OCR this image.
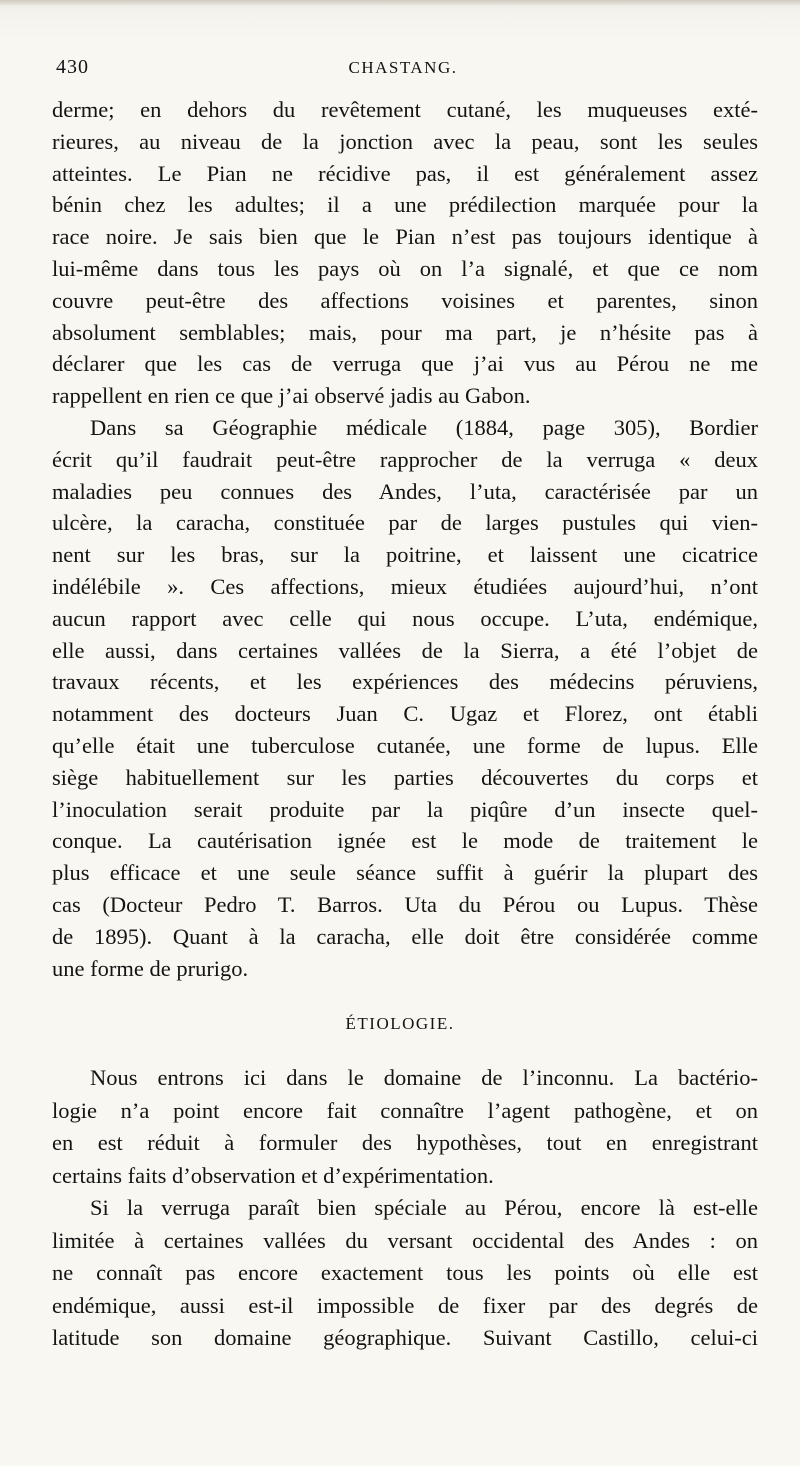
430	CHASTANG.
derme; en dehors du revêtement cutané, les muqueuses exté-
rieures, au niveau de la jonction avec la peau, sont les seules
atteintes. Le Pian ne récidive pas, il est généralement assez
bénin chez les adultes; il a une prédilection marquée pour la
race noire. Je sais bien que le Pian n’est pas toujours identique à
lui-même dans tous les pays où on l’a signalé, et que ce nom
couvre peut-être des affections voisines et parentes, sinon
absolument semblables; mais, pour ma part, je n’hésite pas à
déclarer que les cas de verruga que j’ai vus au Pérou ne me
rappellent en rien ce que j’ai observé jadis au Gabon.
Dans sa Géographie médicale (1884, page 305), Bordier
écrit qu’il faudrait peut-être rapprocher de la verruga « deux
maladies peu connues des Andes, l’uta, caractérisée par un
ulcère, la caracha, constituée par de larges pustules qui vien-
nent sur les bras, sur la poitrine, et laissent une cicatrice
indélébile ». Ces affections, mieux étudiées aujourd’hui, n’ont
aucun rapport avec celle qui nous occupe. L’uta, endémique,
elle aussi, dans certaines vallées de la Sierra, a été l’objet de
travaux récents, et les expériences des médecins péruviens,
notamment des docteurs Juan C. Ugaz et Florez, ont établi
qu’elle était une tuberculose cutanée, une forme de lupus. Elle
siège habituellement sur les parties découvertes du corps et
l’inoculation serait produite par la piqûre d’un insecte quel-
conque. La cautérisation ignée est le mode de traitement le
plus efficace et une seule séance suffit à guérir la plupart des
cas (Docteur Pedro T. Barros. Uta du Pérou ou Lupus. Thèse
de 1895). Quant à la caracha, elle doit être considérée comme
une forme de prurigo.
ÉTIOLOGIE.
Nous entrons ici dans le domaine de l’inconnu. La bactério-
logie n’a point encore fait connaître l’agent pathogène, et on
en est réduit à formuler des hypothèses, tout en enregistrant
certains faits d’observation et d’expérimentation.
Si la verruga paraît bien spéciale au Pérou, encore là est-elle
limitée à certaines vallées du versant occidental des Andes : on
ne connaît pas encore exactement tous les points où elle est
endémique, aussi est-il impossible de fixer par des degrés de
latitude son domaine géographique. Suivant Castillo, celui-ci
